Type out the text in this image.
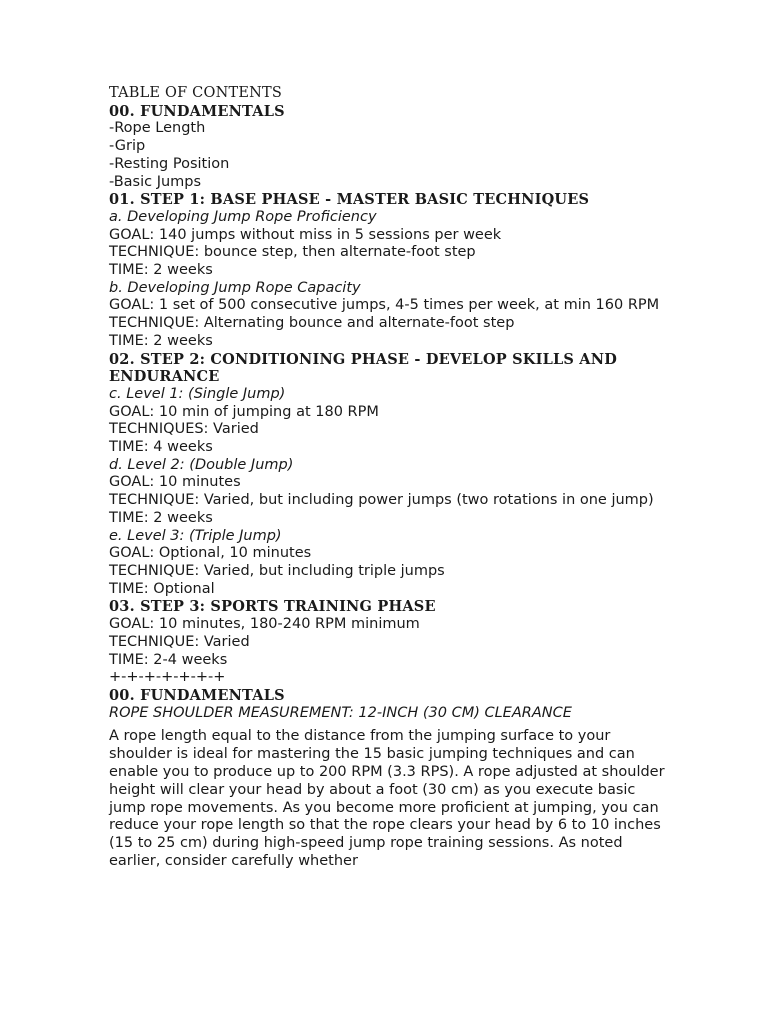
TABLE OF CONTENTS
00. FUNDAMENTALS
-Rope Length
-Grip
-Resting Position
-Basic Jumps
01. STEP 1: BASE PHASE - MASTER BASIC TECHNIQUES
a. Developing Jump Rope Proficiency
GOAL: 140 jumps without miss in 5 sessions per week
TECHNIQUE: bounce step, then alternate-foot step
TIME: 2 weeks
b. Developing Jump Rope Capacity
GOAL: 1 set of 500 consecutive jumps, 4-5 times per week, at min 160 RPM
TECHNIQUE: Alternating bounce and alternate-foot step
TIME: 2 weeks
02. STEP 2: CONDITIONING PHASE - DEVELOP SKILLS AND ENDURANCE
c. Level 1: (Single Jump)
GOAL: 10 min of jumping at 180 RPM
TECHNIQUES: Varied
TIME: 4 weeks
d. Level 2: (Double Jump)
GOAL: 10 minutes
TECHNIQUE: Varied, but including power jumps (two rotations in one jump)
TIME: 2 weeks
e. Level 3: (Triple Jump)
GOAL: Optional, 10 minutes
TECHNIQUE: Varied, but including triple jumps
TIME: Optional
03. STEP 3: SPORTS TRAINING PHASE
GOAL: 10 minutes, 180-240 RPM minimum
TECHNIQUE: Varied
TIME: 2-4 weeks
+-+-+-+-+-+-+
00. FUNDAMENTALS
ROPE SHOULDER MEASUREMENT: 12-INCH (30 CM) CLEARANCE
A rope length equal to the distance from the jumping surface to your shoulder is ideal for mastering the 15 basic jumping techniques and can enable you to produce up to 200 RPM (3.3 RPS). A rope adjusted at shoulder height will clear your head by about a foot (30 cm) as you execute basic jump rope movements. As you become more proficient at jumping, you can reduce your rope length so that the rope clears your head by 6 to 10 inches (15 to 25 cm) during high-speed jump rope training sessions. As noted earlier, consider carefully whether
